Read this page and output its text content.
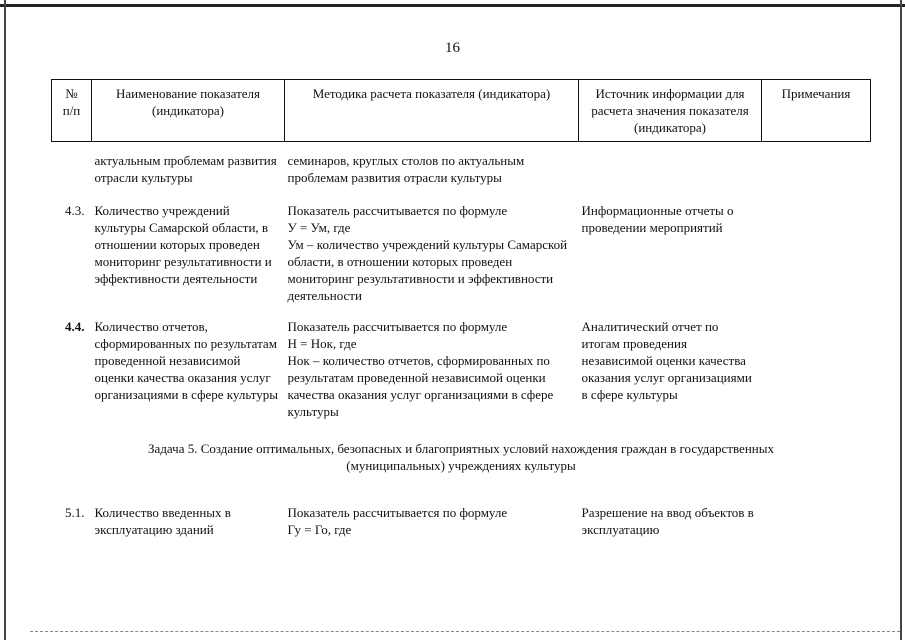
16
№
п/п	Наименование показателя (индикатора)	Методика расчета показателя (индикатора)	Источник информации для расчета значения показателя (индикатора)	Примечания
	актуальным проблемам развития отрасли культуры	семинаров, круглых столов по актуальным проблемам развития отрасли культуры		
4.3.	Количество учреждений культуры Самарской области, в отношении которых проведен мониторинг результативности и эффективности деятельности	Показатель рассчитывается по формуле
У = Ум, где
Ум – количество учреждений культуры Самарской области, в отношении которых проведен мониторинг результативности и эффективности деятельности	Информационные отчеты о проведении мероприятий	
4.4.	Количество отчетов, сформированных по результатам проведенной независимой оценки качества оказания услуг организациями в сфере культуры	Показатель рассчитывается по формуле
Н = Нок, где
Нок – количество отчетов, сформированных по результатам проведенной независимой оценки качества оказания услуг организациями в сфере культуры	Аналитический отчет по итогам проведения независимой оценки качества оказания услуг организациями в сфере культуры	

Задача 5. Создание оптимальных, безопасных и благоприятных условий нахождения граждан в государственных
(муниципальных) учреждениях культуры				

5.1.	Количество введенных в эксплуатацию зданий	Показатель рассчитывается по формуле
Гу = Го, где	Разрешение на ввод объектов в эксплуатацию	
